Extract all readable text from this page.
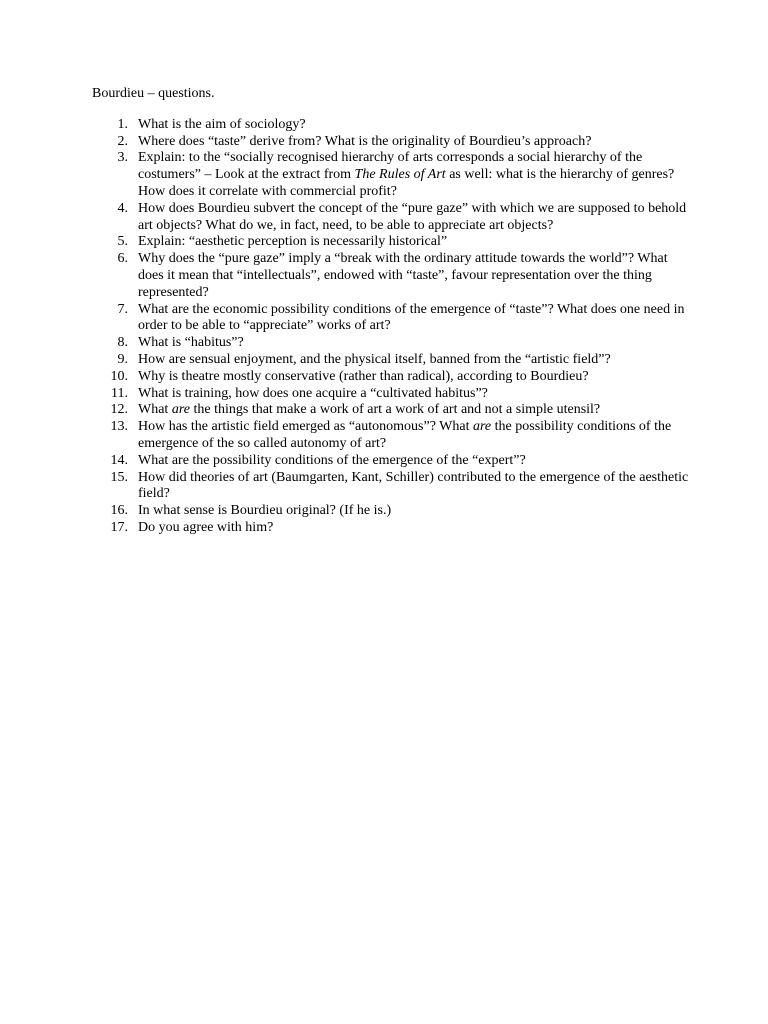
Bourdieu – questions.

1. What is the aim of sociology?
2. Where does “taste” derive from? What is the originality of Bourdieu’s approach?
3. Explain: to the “socially recognised hierarchy of arts corresponds a social hierarchy of the costumers” – Look at the extract from The Rules of Art as well: what is the hierarchy of genres? How does it correlate with commercial profit?
4. How does Bourdieu subvert the concept of the “pure gaze” with which we are supposed to behold art objects? What do we, in fact, need, to be able to appreciate art objects?
5. Explain: “aesthetic perception is necessarily historical”
6. Why does the “pure gaze” imply a “break with the ordinary attitude towards the world”? What does it mean that “intellectuals”, endowed with “taste”, favour representation over the thing represented?
7. What are the economic possibility conditions of the emergence of “taste”? What does one need in order to be able to “appreciate” works of art?
8. What is “habitus”?
9. How are sensual enjoyment, and the physical itself, banned from the “artistic field”?
10. Why is theatre mostly conservative (rather than radical), according to Bourdieu?
11. What is training, how does one acquire a “cultivated habitus”?
12. What are the things that make a work of art a work of art and not a simple utensil?
13. How has the artistic field emerged as “autonomous”? What are the possibility conditions of the emergence of the so called autonomy of art?
14. What are the possibility conditions of the emergence of the “expert”?
15. How did theories of art (Baumgarten, Kant, Schiller) contributed to the emergence of the aesthetic field?
16. In what sense is Bourdieu original? (If he is.)
17. Do you agree with him?
